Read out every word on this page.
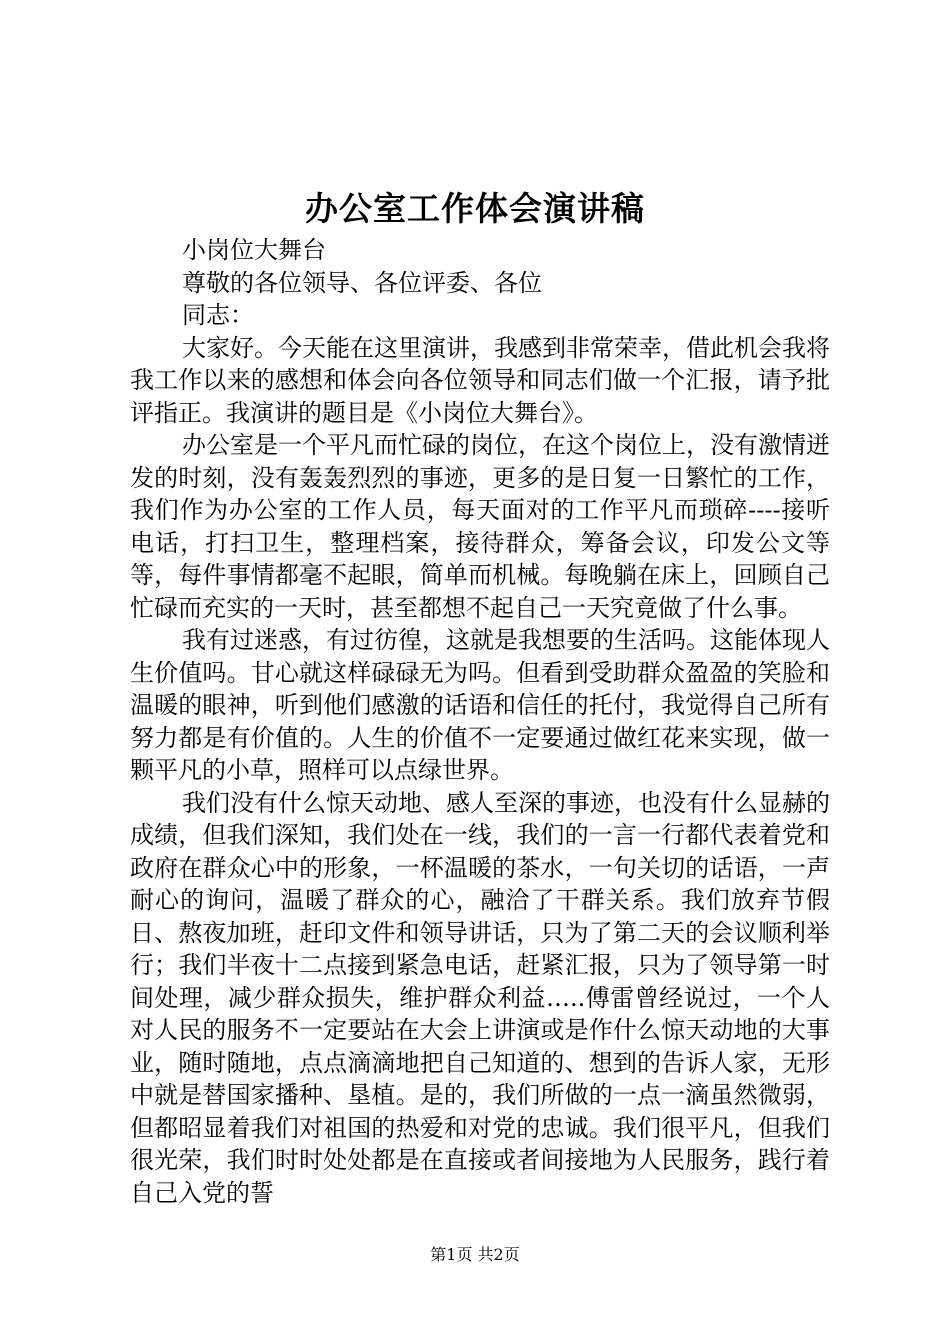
办公室工作体会演讲稿

小岗位大舞台

尊敬的各位领导、各位评委、各位

同志：

大家好。今天能在这里演讲，我感到非常荣幸，借此机会我将我工作以来的感想和体会向各位领导和同志们做一个汇报，请予批评指正。我演讲的题目是《小岗位大舞台》。

办公室是一个平凡而忙碌的岗位，在这个岗位上，没有激情迸发的时刻，没有轰轰烈烈的事迹，更多的是日复一日繁忙的工作，我们作为办公室的工作人员，每天面对的工作平凡而琐碎----接听电话，打扫卫生，整理档案，接待群众，筹备会议，印发公文等等，每件事情都毫不起眼，简单而机械。每晚躺在床上，回顾自己忙碌而充实的一天时，甚至都想不起自己一天究竟做了什么事。

我有过迷惑，有过彷徨，这就是我想要的生活吗。这能体现人生价值吗。甘心就这样碌碌无为吗。但看到受助群众盈盈的笑脸和温暖的眼神，听到他们感激的话语和信任的托付，我觉得自己所有努力都是有价值的。人生的价值不一定要通过做红花来实现，做一颗平凡的小草，照样可以点绿世界。

我们没有什么惊天动地、感人至深的事迹，也没有什么显赫的成绩，但我们深知，我们处在一线，我们的一言一行都代表着党和政府在群众心中的形象，一杯温暖的茶水，一句关切的话语，一声耐心的询问，温暖了群众的心，融洽了干群关系。我们放弃节假日、熬夜加班，赶印文件和领导讲话，只为了第二天的会议顺利举行；我们半夜十二点接到紧急电话，赶紧汇报，只为了领导第一时间处理，减少群众损失，维护群众利益…..傅雷曾经说过，一个人对人民的服务不一定要站在大会上讲演或是作什么惊天动地的大事业，随时随地，点点滴滴地把自己知道的、想到的告诉人家，无形中就是替国家播种、垦植。是的，我们所做的一点一滴虽然微弱，但都昭显着我们对祖国的热爱和对党的忠诚。我们很平凡，但我们很光荣，我们时时处处都是在直接或者间接地为人民服务，践行着自己入党的誓

第1页 共2页
